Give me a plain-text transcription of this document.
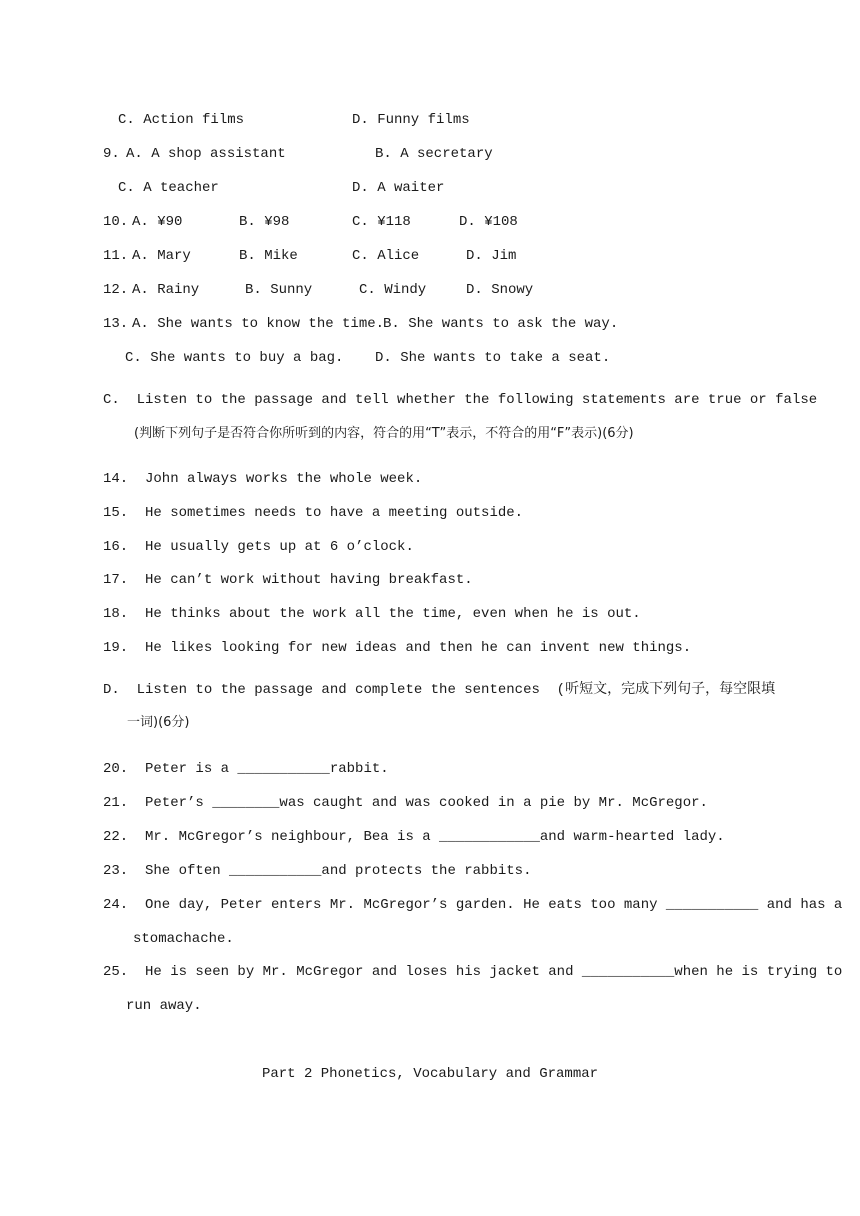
C. Action films	D. Funny films
9. A. A shop assistant	B. A secretary
C. A teacher	D. A waiter
10. A. ¥90	B. ¥98	C. ¥118	D. ¥108
11. A. Mary	B. Mike	C. Alice	D. Jim
12. A. Rainy	B. Sunny	C. Windy	D. Snowy
13. A. She wants to know the time.
B. She wants to ask the way.
C. She wants to buy a bag. D. She wants to take a seat.
C.  Listen to the passage and tell whether the following statements are true or false
(判断下列句子是否符合你所听到的内容，符合的用“T”表示，不符合的用“F”表示)(6分)
14.  John always works the whole week.
15.  He sometimes needs to have a meeting outside.
16.  He usually gets up at 6 o’clock.
17.  He can’t work without having breakfast.
18.  He thinks about the work all the time, even when he is out.
19.  He likes looking for new ideas and then he can invent new things.
D.  Listen to the passage and complete the sentences  (听短文，完成下列句子，每空限填
一词)(6分)
20.  Peter is a ___________rabbit.
21.  Peter’s ________was caught and was cooked in a pie by Mr. McGregor.
22.  Mr. McGregor’s neighbour, Bea is a ____________and warm-hearted lady.
23.  She often ___________and protects the rabbits.
24.  One day, Peter enters Mr. McGregor’s garden. He eats too many ___________ and has a
stomachache.
25.  He is seen by Mr. McGregor and loses his jacket and ___________when he is trying to
run away.
Part 2 Phonetics, Vocabulary and Grammar
